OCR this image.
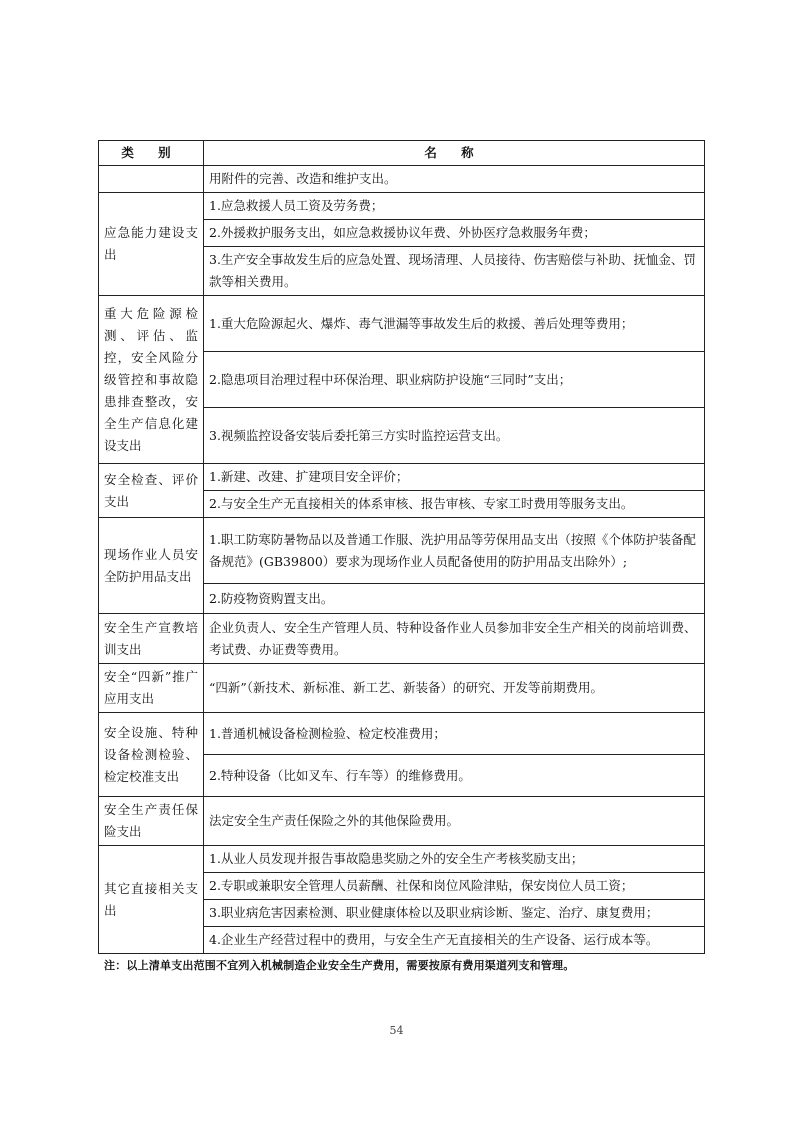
类 别	名 称
	用附件的完善、改造和维护支出。
应急能力建设支出	1.应急救援人员工资及劳务费；
	2.外援救护服务支出，如应急救援协议年费、外协医疗急救服务年费；
	3.生产安全事故发生后的应急处置、现场清理、人员接待、伤害赔偿与补助、抚恤金、罚款等相关费用。
重大危险源检测、评估、监控，安全风险分级管控和事故隐患排查整改，安全生产信息化建设支出	1.重大危险源起火、爆炸、毒气泄漏等事故发生后的救援、善后处理等费用；
	2.隐患项目治理过程中环保治理、职业病防护设施“三同时”支出；
	3.视频监控设备安装后委托第三方实时监控运营支出。
安全检查、评价支出	1.新建、改建、扩建项目安全评价；
	2.与安全生产无直接相关的体系审核、报告审核、专家工时费用等服务支出。
现场作业人员安全防护用品支出	1.职工防寒防暑物品以及普通工作服、洗护用品等劳保用品支出（按照《个体防护装备配备规范》(GB39800）要求为现场作业人员配备使用的防护用品支出除外）;
	2.防疫物资购置支出。
安全生产宣教培训支出	企业负责人、安全生产管理人员、特种设备作业人员参加非安全生产相关的岗前培训费、考试费、办证费等费用。
安全“四新”推广应用支出	“四新”（新技术、新标准、新工艺、新装备）的研究、开发等前期费用。
安全设施、特种设备检测检验、检定校准支出	1.普通机械设备检测检验、检定校准费用；
	2.特种设备（比如叉车、行车等）的维修费用。
安全生产责任保险支出	法定安全生产责任保险之外的其他保险费用。
其它直接相关支出	1.从业人员发现并报告事故隐患奖励之外的安全生产考核奖励支出；
	2.专职或兼职安全管理人员薪酬、社保和岗位风险津贴，保安岗位人员工资；
	3.职业病危害因素检测、职业健康体检以及职业病诊断、鉴定、治疗、康复费用；
	4.企业生产经营过程中的费用，与安全生产无直接相关的生产设备、运行成本等。
注：以上清单支出范围不宜列入机械制造企业安全生产费用，需要按原有费用渠道列支和管理。
54
